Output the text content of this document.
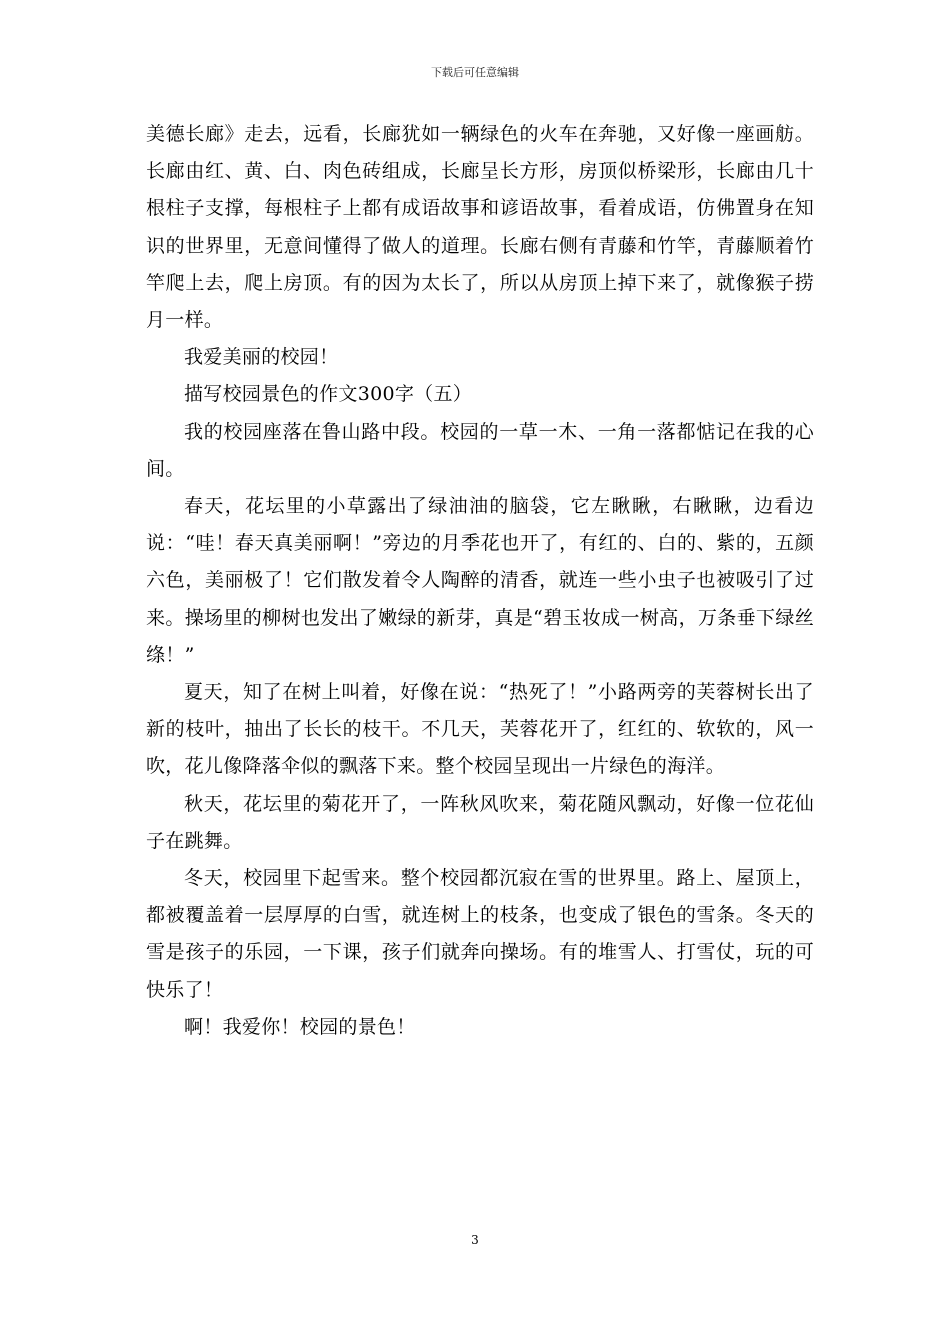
下载后可任意编辑

美德长廊》走去，远看，长廊犹如一辆绿色的火车在奔驰，又好像一座画舫。长廊由红、黄、白、肉色砖组成，长廊呈长方形，房顶似桥梁形，长廊由几十根柱子支撑，每根柱子上都有成语故事和谚语故事，看着成语，仿佛置身在知识的世界里，无意间懂得了做人的道理。长廊右侧有青藤和竹竿，青藤顺着竹竿爬上去，爬上房顶。有的因为太长了，所以从房顶上掉下来了，就像猴子捞月一样。

我爱美丽的校园！

描写校园景色的作文300字（五）

我的校园座落在鲁山路中段。校园的一草一木、一角一落都惦记在我的心间。

春天，花坛里的小草露出了绿油油的脑袋，它左瞅瞅，右瞅瞅，边看边说：“哇！春天真美丽啊！”旁边的月季花也开了，有红的、白的、紫的，五颜六色，美丽极了！它们散发着令人陶醉的清香，就连一些小虫子也被吸引了过来。操场里的柳树也发出了嫩绿的新芽，真是“碧玉妆成一树高，万条垂下绿丝绦！”

夏天，知了在树上叫着，好像在说：“热死了！”小路两旁的芙蓉树长出了新的枝叶，抽出了长长的枝干。不几天，芙蓉花开了，红红的、软软的，风一吹，花儿像降落伞似的飘落下来。整个校园呈现出一片绿色的海洋。

秋天，花坛里的菊花开了，一阵秋风吹来，菊花随风飘动，好像一位花仙子在跳舞。

冬天，校园里下起雪来。整个校园都沉寂在雪的世界里。路上、屋顶上，都被覆盖着一层厚厚的白雪，就连树上的枝条，也变成了银色的雪条。冬天的雪是孩子的乐园，一下课，孩子们就奔向操场。有的堆雪人、打雪仗，玩的可快乐了！

啊！我爱你！校园的景色！

3
